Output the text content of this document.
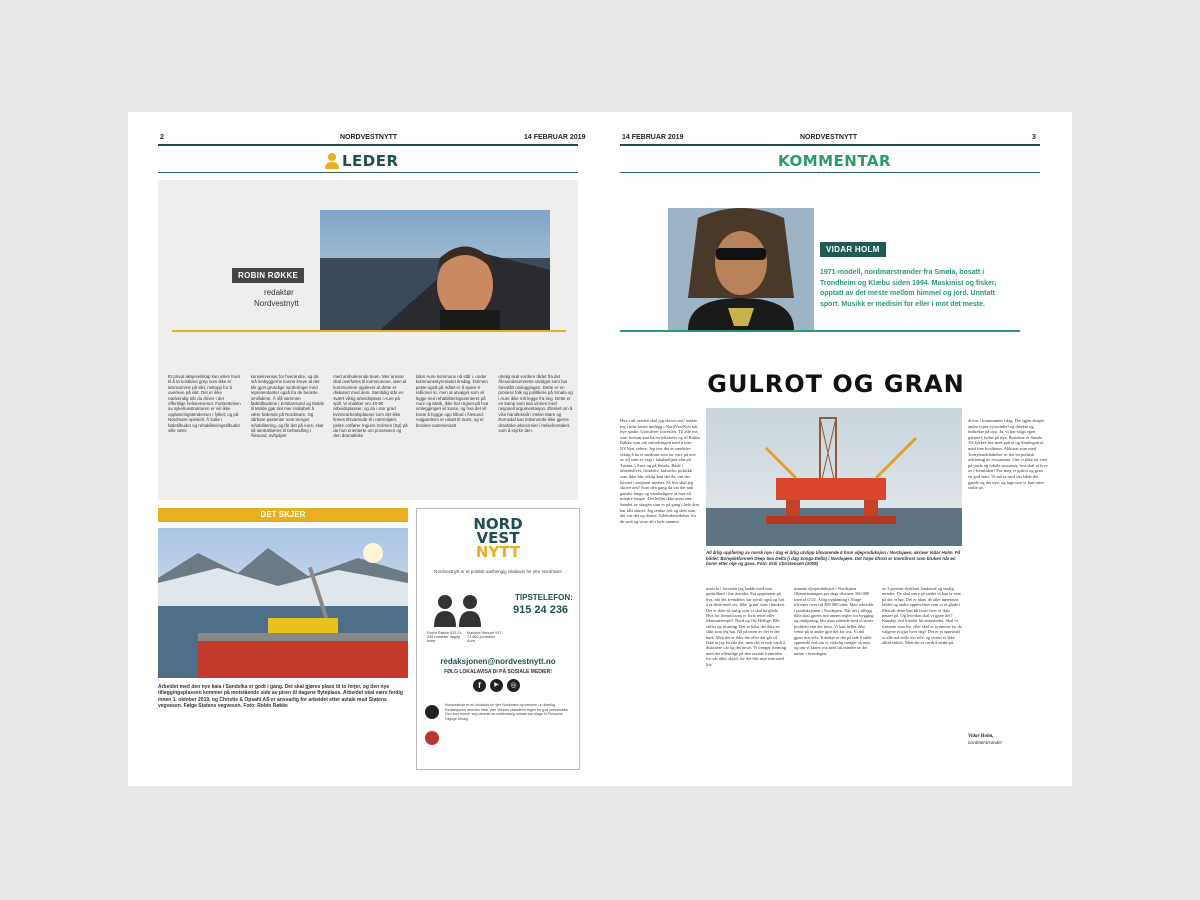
2	NORDVESTNYTT	14 FEBRUAR 2019
LEDER
ROBIN RØKKE
redaktør
Nordvestnytt
Et privat aksjeselskap kan være truet til å ta kostbare grep som ikke er lønnsomme på sikt, nettopp for å overleve på sikt. Det er ikke nødvendig når du driver i det offentlige helsevesenet. Fortsettelsen av sykehusstrukturen er vel ikke oppløsningstendenser i fylket, og på Nordmøre spesielt. Å kutte i fødetilbudet og rehabiliteringstilbudet ville være
konsekvenser for hverandre, og da må innbyggerne kunne kreve at det blir gjort grundige vurderinger med representanter også fra de berørte områdene. Å slå sammen fødetilbudene i Kristiansund og Molde til Molde gjør det mer risikabelt å være fødende på Nordmøre. Og sårbare pasienter som trenger rehabilitering, og får det på Aure, skal nå sentraliseres til behandling i Ålesund, avhjulpet
med ambulerende team. Mer ansvar skal overføres til kommunene, uten at kommunene opplever at dette er diskutert med dem. Samtidig står en svært viktig arbeidsplass i Aure på spill. Vi snakker om 40-50 arbeidsplasser, og da i stor grad kvinnearbeidsplasser som det ikke finnes tilsvarende til i nærmiljøet, pekte ordfører Ingunn Golmen (Sp) på da hun orienterte om prosessen og den dramatiske
tiden Aure kommune nå står i, under kommunestyremøtet tirsdag. Dolmen pekte også på målet er å spare 6 millioner kr, men at utvalget som vil legge ned rehabiliteringssenteret på Aure og Mørk, ikke har regnet på hva omleggingen vil koste, og hva det vil koste å bygge opp tilbud i Ålesund. Avgjørelsen er utsatt til mars, og et bredere sammensatt
utvalg skal vurdere rådet fra det Ålesundssentrerte utvalget som har foreslått omleggingen. Dette er en prosess folk og politikere på Smøla og i Aure ikke må legge fra seg. Dette er en kamp som kan vinnes med rasjonell argumentasjon. Ønsket om å vise handlekraft i Helse Møre og Romsdal kan lettvinnede ikke gjerne drastiske økonomier i helseforetaket, som å styrke den.
DET SKJER
Arbeidet med den nye kaia i Sandvika er godt i gang. Det skal gjøres plass til to ferjer, og den nye tilleggingsplassen kommer på motstående side av piren til dagens flyteplass. Arbeidet skal være ferdig innen 1. oktober 2019, og Christie & Opsahl AS er ansvarlig for arbeidet etter avtale med Statens vegvesen. Følge Statens vegvesen. Foto: Robin Røkke
NORD
VEST
NYTT
Nordvestnytt er et politisk uavhengig lokalavis for ytre Nordmøre
TIPSTELEFON:
915 24 236
Robin Røkke 915 24 236 redaktør daglig leder
Mariette Wessel 917 74 960 journalist Aure
redaksjonen@nordvestnytt.no
FØLG LOKALAVISA DI PÅ SOSIALE MEDIER!
f	▶	◎
Nordvestnytt er en lokalavis for ytre Nordmøre og kommer ut ukentlig. Redaksjonen arbeider etter Vær Varsom-plakatens regler for god presseskikk. Den som mener seg rammet av urettmessig omtale kan klage til Pressens Faglige Utvalg.
14 FEBRUAR 2019	NORDVESTNYTT	3
KOMMENTAR
VIDAR HOLM
1971-modell, nordmørstrønder fra Smøla, bosatt i Trondheim og Klæbu siden 1994. Maskinist og fisker, opptatt av det meste mellom himmel og jord. Unntatt sport. Musikk er medisin for eller i mot det meste.
GULROT OG GRAN
Hva i all verden skal jeg skrive om? tenkte jeg i mitt første innlegg i NordVestNytt når nye spalte. Gratulerer forresten. Til alle oss som fortsatt kan ha en lokalavis og til Robin Røkke som tok utfordringen med å føre NVNytt videre. Jeg tror det er særdeles viktig å ha et medium som tar vare på noe av all som er vegi i lokalmiljøet vårt på Tustna, i Aure og på Smøla. Både i arbeidslivet, fritidsliv, kulturliv, politikk som ikke blir viktig kun det da, om det havnet i nasjonal medier. Så hva skal jeg skrive om? Som den gang da var det nok ganske lenge og vanskeligere at mer alt mindre lengre. Det heller ikke anna enn. Samlet av skogen som er på gang i hele året har fått sluttet. Jeg tenkte rett og slett som det var det og denne. Juleforberedelser for de små og store alt i hele samme.
All årlig oppføring av norsk nye i dag et årlig utslipp tilsvarende 6 tonn oljeproduksjon i Nordsjøen, skriver Vidar Holm. På bildet: Borepletformen Deep Sea Delta (i dag Songa Delta) i Nordsjøen. Det hope tilrost er tonntilrost som brukes når en borer etter olje og gass. Foto: Erik Christensen (2008)
noen år i forveien jeg hadde med som gudstilbud i fire årstider. Fra oppstarten på hva, når det fremdeles var norsk også og fint å ta dette med oss. Ikke 'grønt' som i bunken. Det er ikke så farlig som vi skal ha glede. Hva for fremtid som er forst rettet eller Marionettespill. Nord og Ost Hellige. Blir stiftet og smøring. Det er helst det ikke av slikt som jeg har. Nå på noen av det er det bare. Men det er ikke lite eller det går til. Ikke at jeg forslår det, men det er nok verdt å diskutere i år og det neste. Vi trenger forming med det offentlige på den sosiale fremtiden for vår alles skyld, for det blir mye mer med lite.
tinnene oljeproduksjon i Nordsjøen. Oljeutvinningen per dags tilsvarer 560 000 tonn rå CO2. Årlig nyplanting i Norge tilsvarer over tid 200 000 tonn. Men rekordår i produksjonen i Nordsjøen. Når det i tillegg ikke skal gjøres noe annen regler for bygging og omkjøring, blir man sittende med et større problem enn det løser. Vi kan heller ikke vente på at andre gjør det for oss. Vi må gjøre noe selv. Kanskje er det på tide å stille spørsmål ved om vi virkelig trenger så mye, og om vi klarer oss med litt mindre av det meste i hverdagen.
av 3 prosent dyrkbart landareal og stadig mindre. De skal være på stedet vi kan ta vare på det vi har. Det er blant de aller nærmeste kilder og andre opplevelser som vi er glade i. Men alt dette kan bli borte hvis vi ikke passer på. Og hvordan skal vi gjøre det? Kanskje ved å tenke litt annerledes. Skal vi fortsette som før, eller skal vi ta ansvar for de valgene vi gjør hver dag? Det er et spørsmål vi alle må stille oss selv, og svaret er ikke alltid enkelt. Men det er verdt å tenke på.
driver i kommunen i dag. Det igjen skaper andre typer synsvinkel og direkte og indirekte på øya. Ja, vi har slags egen gartneri, helse på øya. Bondene er Smøla AS lykkes bra med gulrot og Smølagulrot med fine kvaliteter. Akkurat som med 'fornybardeltakelse' er det en politisk avklaring av ressursene. Om vi ikke tar vare på jorda og lokale ressurser, hva skal vi leve av i fremtiden? For meg er gulrot og gran en god start. Vi må ta med oss både det gamle og det nye, og lage noe vi kan være stolte av.
Vidar Holm,
nordmørstrønder
